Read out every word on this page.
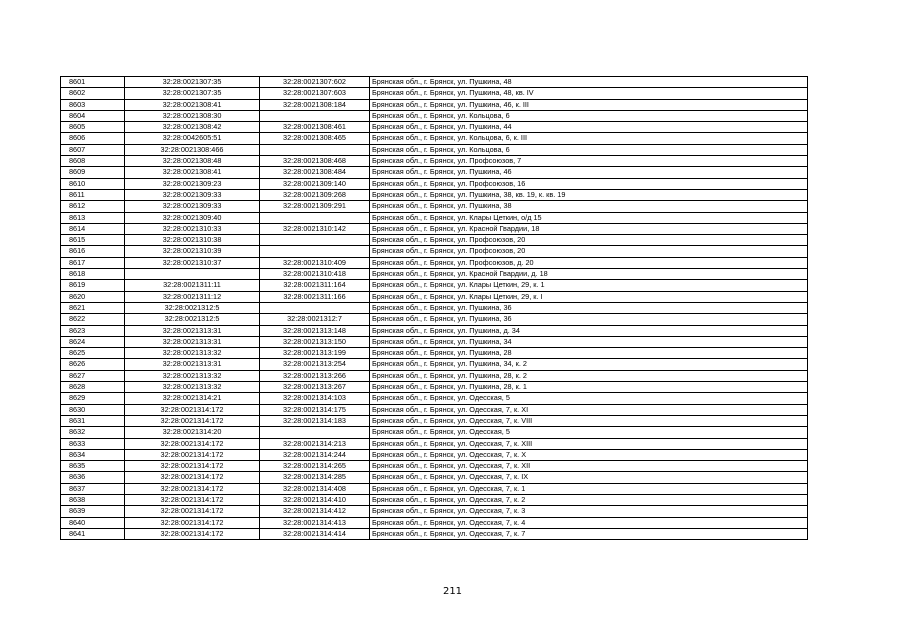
8601	32:28:0021307:35	32:28:0021307:602	Брянская обл., г. Брянск, ул. Пушкина, 48
8602	32:28:0021307:35	32:28:0021307:603	Брянская обл., г. Брянск, ул. Пушкина, 48, кв. IV
8603	32:28:0021308:41	32:28:0021308:184	Брянская обл., г. Брянск, ул. Пушкина, 46, к. III
8604	32:28:0021308:30		Брянская обл., г. Брянск, ул. Кольцова, 6
8605	32:28:0021308:42	32:28:0021308:461	Брянская обл., г. Брянск, ул. Пушкина, 44
8606	32:28:0042605:51	32:28:0021308:465	Брянская обл., г. Брянск, ул. Кольцова, 6, к. III
8607	32:28:0021308:466		Брянская обл., г. Брянск, ул. Кольцова, 6
8608	32:28:0021308:48	32:28:0021308:468	Брянская обл., г. Брянск, ул. Профсоюзов, 7
8609	32:28:0021308:41	32:28:0021308:484	Брянская обл., г. Брянск, ул. Пушкина, 46
8610	32:28:0021309:23	32:28:0021309:140	Брянская обл., г. Брянск, ул. Профсоюзов, 16
8611	32:28:0021309:33	32:28:0021309:268	Брянская обл., г. Брянск, ул. Пушкина, 38, кв. 19, к. кв. 19
8612	32:28:0021309:33	32:28:0021309:291	Брянская обл., г. Брянск, ул. Пушкина, 38
8613	32:28:0021309:40		Брянская обл., г. Брянск, ул. Клары Цеткин, о/д 15
8614	32:28:0021310:33	32:28:0021310:142	Брянская обл., г. Брянск, ул. Красной Гвардии, 18
8615	32:28:0021310:38		Брянская обл., г. Брянск, ул. Профсоюзов, 20
8616	32:28:0021310:39		Брянская обл., г. Брянск, ул. Профсоюзов, 20
8617	32:28:0021310:37	32:28:0021310:409	Брянская обл., г. Брянск, ул. Профсоюзов, д. 20
8618		32:28:0021310:418	Брянская обл., г. Брянск, ул. Красной Гвардии, д. 18
8619	32:28:0021311:11	32:28:0021311:164	Брянская обл., г. Брянск, ул. Клары Цеткин, 29, к. 1
8620	32:28:0021311:12	32:28:0021311:166	Брянская обл., г. Брянск, ул. Клары Цеткин, 29, к. I
8621	32:28:0021312:5		Брянская обл., г. Брянск, ул. Пушкина, 36
8622	32:28:0021312:5	32:28:0021312:7	Брянская обл., г. Брянск, ул. Пушкина, 36
8623	32:28:0021313:31	32:28:0021313:148	Брянская обл., г. Брянск, ул. Пушкина, д. 34
8624	32:28:0021313:31	32:28:0021313:150	Брянская обл., г. Брянск, ул. Пушкина, 34
8625	32:28:0021313:32	32:28:0021313:199	Брянская обл., г. Брянск, ул. Пушкина, 28
8626	32:28:0021313:31	32:28:0021313:254	Брянская обл., г. Брянск, ул. Пушкина, 34, к. 2
8627	32:28:0021313:32	32:28:0021313:266	Брянская обл., г. Брянск, ул. Пушкина, 28, к. 2
8628	32:28:0021313:32	32:28:0021313:267	Брянская обл., г. Брянск, ул. Пушкина, 28, к. 1
8629	32:28:0021314:21	32:28:0021314:103	Брянская обл., г. Брянск, ул. Одесская, 5
8630	32:28:0021314:172	32:28:0021314:175	Брянская обл., г. Брянск, ул. Одесская, 7, к. XI
8631	32:28:0021314:172	32:28:0021314:183	Брянская обл., г. Брянск, ул. Одесская, 7, к. VIII
8632	32:28:0021314:20		Брянская обл., г. Брянск, ул. Одесская, 5
8633	32:28:0021314:172	32:28:0021314:213	Брянская обл., г. Брянск, ул. Одесская, 7, к. XIII
8634	32:28:0021314:172	32:28:0021314:244	Брянская обл., г. Брянск, ул. Одесская, 7, к. X
8635	32:28:0021314:172	32:28:0021314:265	Брянская обл., г. Брянск, ул. Одесская, 7, к. XII
8636	32:28:0021314:172	32:28:0021314:285	Брянская обл., г. Брянск, ул. Одесская, 7, к. IX
8637	32:28:0021314:172	32:28:0021314:408	Брянская обл., г. Брянск, ул. Одесская, 7, к. 1
8638	32:28:0021314:172	32:28:0021314:410	Брянская обл., г. Брянск, ул. Одесская, 7, к. 2
8639	32:28:0021314:172	32:28:0021314:412	Брянская обл., г. Брянск, ул. Одесская, 7, к. 3
8640	32:28:0021314:172	32:28:0021314:413	Брянская обл., г. Брянск, ул. Одесская, 7, к. 4
8641	32:28:0021314:172	32:28:0021314:414	Брянская обл., г. Брянск, ул. Одесская, 7, к. 7
211
